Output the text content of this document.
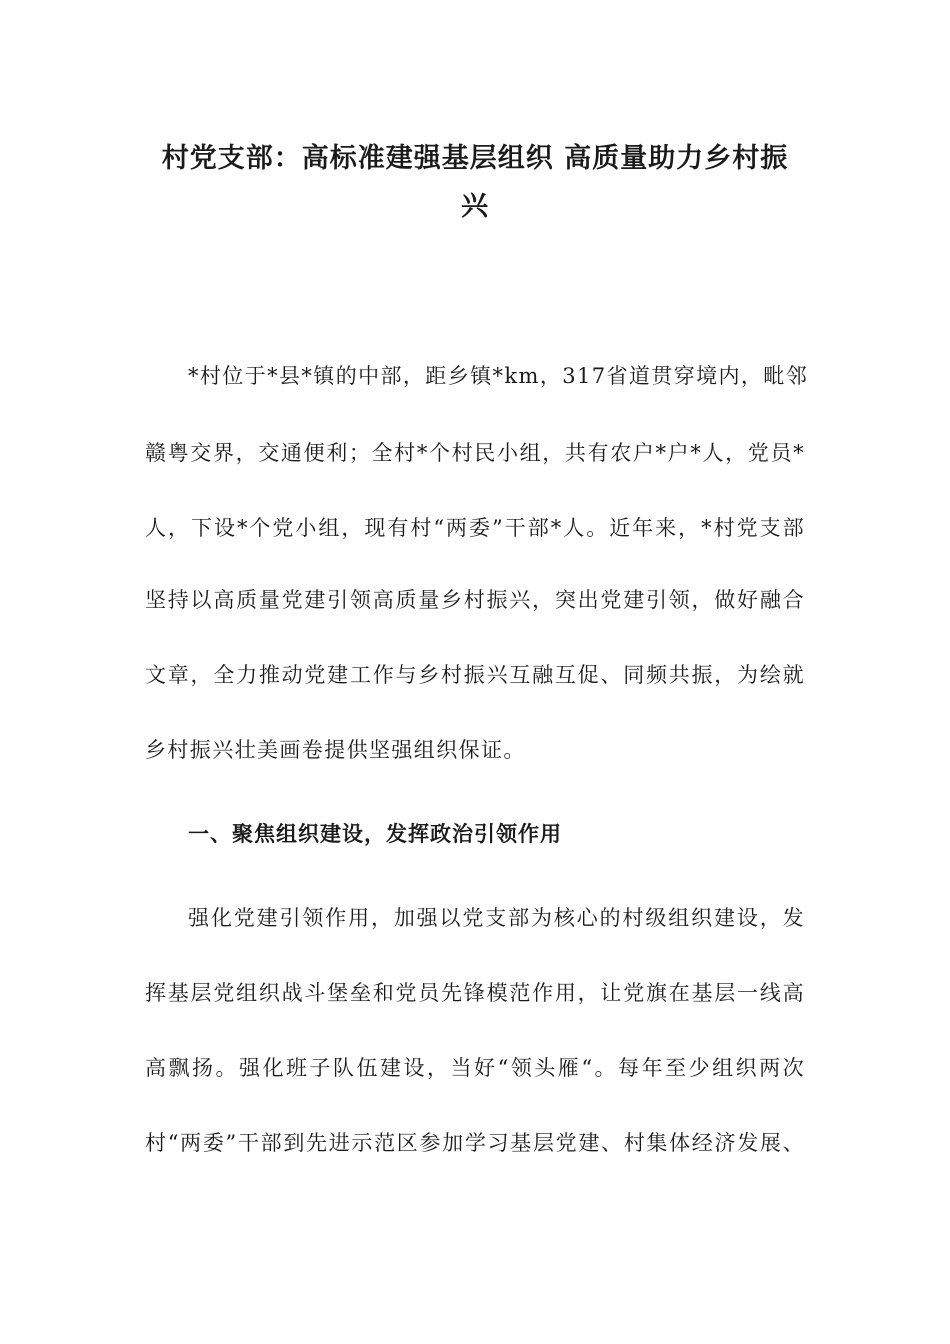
村党支部：高标准建强基层组织 高质量助力乡村振
兴
*村位于*县*镇的中部，距乡镇*km，317省道贯穿境内，毗邻
赣粤交界，交通便利；全村*个村民小组，共有农户*户*人，党员*
人，下设*个党小组，现有村“两委”干部*人。近年来，*村党支部
坚持以高质量党建引领高质量乡村振兴，突出党建引领，做好融合
文章，全力推动党建工作与乡村振兴互融互促、同频共振，为绘就
乡村振兴壮美画卷提供坚强组织保证。
一、聚焦组织建设，发挥政治引领作用
强化党建引领作用，加强以党支部为核心的村级组织建设，发
挥基层党组织战斗堡垒和党员先锋模范作用，让党旗在基层一线高
高飘扬。强化班子队伍建设，当好“领头雁“。每年至少组织两次
村“两委”干部到先进示范区参加学习基层党建、村集体经济发展、
